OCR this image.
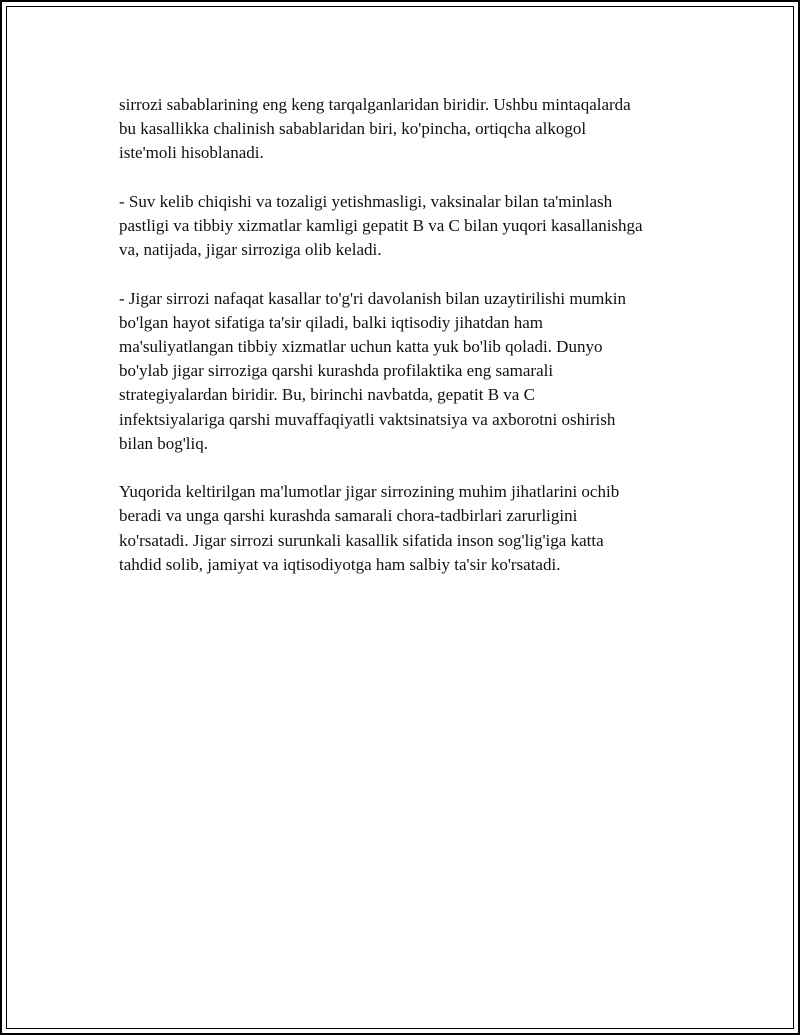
sirrozi sabablarining eng keng tarqalganlaridan biridir. Ushbu mintaqalarda
bu kasallikka chalinish sabablaridan biri, ko'pincha, ortiqcha alkogol
iste'moli hisoblanadi.

- Suv kelib chiqishi va tozaligi yetishmasligi, vaksinalar bilan ta'minlash
pastligi va tibbiy xizmatlar kamligi gepatit B va C bilan yuqori kasallanishga
va, natijada, jigar sirroziga olib keladi.

- Jigar sirrozi nafaqat kasallar to'g'ri davolanish bilan uzaytirilishi mumkin
bo'lgan hayot sifatiga ta'sir qiladi, balki iqtisodiy jihatdan ham
ma'suliyatlangan tibbiy xizmatlar uchun katta yuk bo'lib qoladi. Dunyo
bo'ylab jigar sirroziga qarshi kurashda profilaktika eng samarali
strategiyalardan biridir. Bu, birinchi navbatda, gepatit B va C
infektsiyalariga qarshi muvaffaqiyatli vaktsinatsiya va axborotni oshirish
bilan bog'liq.

Yuqorida keltirilgan ma'lumotlar jigar sirrozining muhim jihatlarini ochib
beradi va unga qarshi kurashda samarali chora-tadbirlari zarurligini
ko'rsatadi. Jigar sirrozi surunkali kasallik sifatida inson sog'lig'iga katta
tahdid solib, jamiyat va iqtisodiyotga ham salbiy ta'sir ko'rsatadi.
